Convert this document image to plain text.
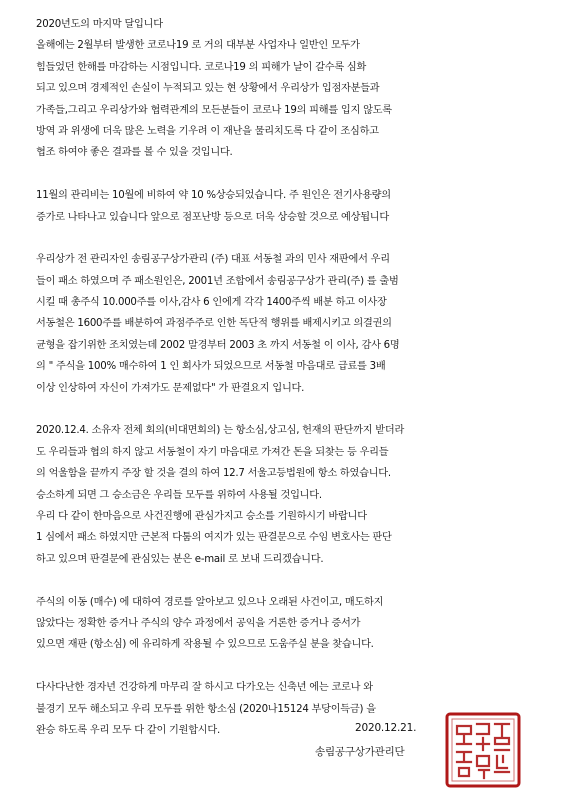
2020년도의 마지막 달입니다
올해에는 2월부터 발생한 코로나19 로 거의 대부분 사업자나 일반인 모두가
힘들었던 한해를 마감하는 시점입니다. 코로나19 의 피해가 날이 갈수록 심화
되고 있으며 경제적인 손실이 누적되고 있는 현 상황에서 우리상가 입점자분들과
가족들,그리고 우리상가와 협력관계의 모든분들이 코로나 19의 피해를 입지 않도록
방역 과 위생에 더욱 많은 노력을 기우려 이 재난을 물리치도록 다 같이 조심하고
협조 하여야 좋은 결과를 볼 수 있을 것입니다.
11월의 관리비는 10월에 비하여 약 10 %상승되었습니다. 주 원인은 전기사용량의
증가로 나타나고 있습니다 앞으로 점포난방 등으로 더욱 상승할 것으로 예상됩니다
우리상가 전 관리자인 송림공구상가관리 (주) 대표 서동철 과의 민사 재판에서 우리
들이 패소 하였으며 주 패소원인은, 2001년 조합에서 송림공구상가 관리(주) 를 출범
시킬 때 총주식 10.000주를 이사,감사 6 인에게 각각 1400주씩 배분 하고 이사장
서동철은 1600주를 배분하여 과점주주로 인한 독단적 행위를 배제시키고 의결권의
균형을 잡기위한 조치였는데 2002 말경부터 2003 초 까지 서동철 이 이사, 감사 6명
의 " 주식을 100% 매수하여 1 인 회사가 되었으므로 서동철 마음대로 급료를 3배
이상 인상하여 자신이 가져가도 문제없다" 가 판결요지 입니다.
2020.12.4. 소유자 전체 회의(비대면회의) 는 항소심,상고심, 헌재의 판단까지 받더라
도 우리들과 협의 하지 않고 서동철이 자기 마음대로 가져간 돈을 되찾는 등 우리들
의 억울함을 끝까지 주장 할 것을 결의 하여 12.7 서울고등법원에 항소 하였습니다.
승소하게 되면 그 승소금은 우리들 모두를 위하여 사용될 것입니다.
우리 다 같이 한마음으로 사건진행에 관심가지고 승소를 기원하시기 바랍니다
1 심에서 패소 하였지만 근본적 다툼의 여지가 있는 판결문으로 수임 변호사는 판단
하고 있으며 판결문에 관심있는 분은 e-mail 로 보내 드리겠습니다.
주식의 이동 (매수) 에 대하여 경로를 알아보고 있으나 오래된 사건이고, 매도하지
않았다는 정확한 증거나 주식의 양수 과정에서 공익을 거론한 증거나 증서가
있으면 재판 (항소심) 에 유리하게 작용될 수 있으므로 도움주실 분을 찾습니다.
다사다난한 경자년 건강하게 마무리 잘 하시고 다가오는 신축년 에는 코로나 와
불경기 모두 해소되고 우리 모두를 위한 항소심 (2020나15124 부당이득금) 을
완승 하도록 우리 모두 다 같이 기원합시다.	2020.12.21.
송림공구상가관리단
